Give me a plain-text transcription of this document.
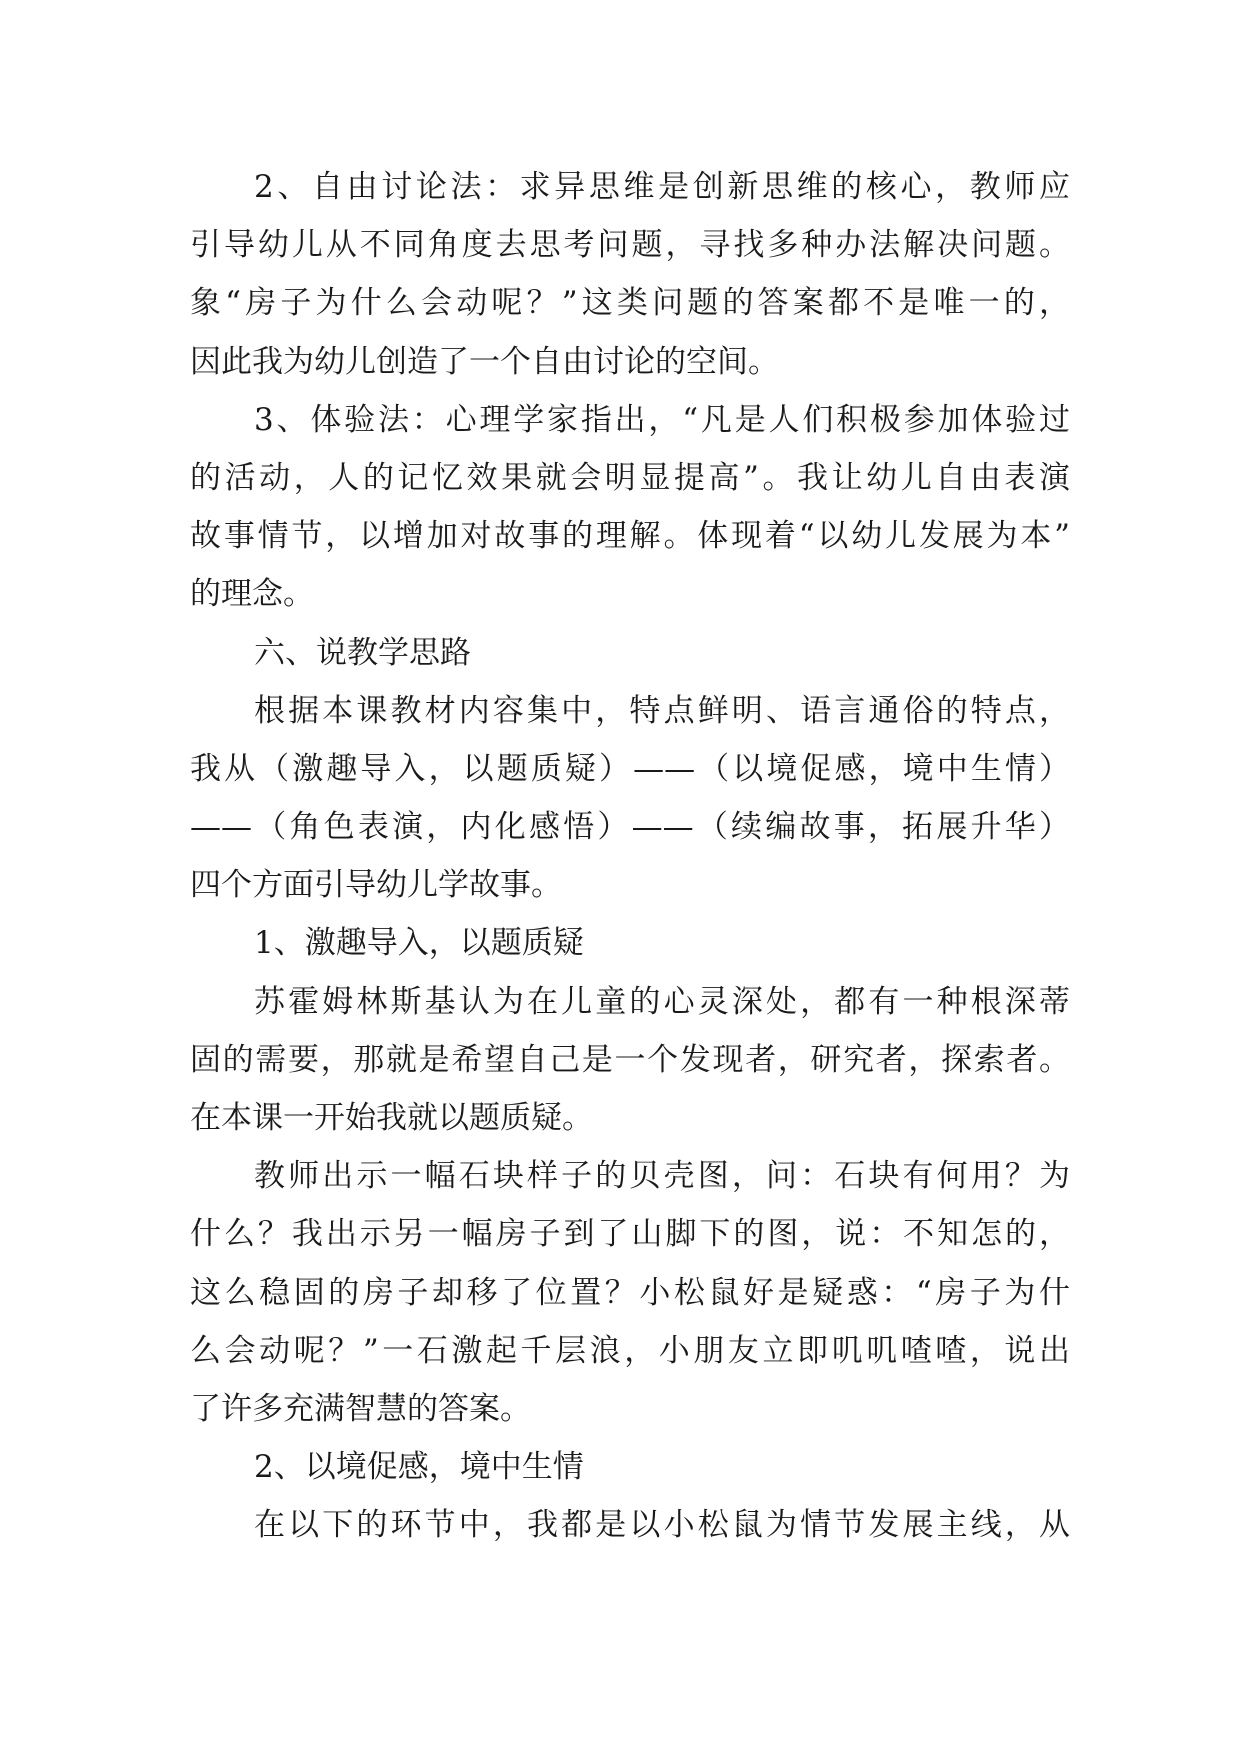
2、自由讨论法：求异思维是创新思维的核心，教师应
引导幼儿从不同角度去思考问题，寻找多种办法解决问题。
象“房子为什么会动呢？”这类问题的答案都不是唯一的，
因此我为幼儿创造了一个自由讨论的空间。
3、体验法：心理学家指出，“凡是人们积极参加体验过
的活动，人的记忆效果就会明显提高”。我让幼儿自由表演
故事情节，以增加对故事的理解。体现着“以幼儿发展为本”
的理念。
六、说教学思路
根据本课教材内容集中，特点鲜明、语言通俗的特点，
我从（激趣导入，以题质疑）——（以境促感，境中生情）
——（角色表演，内化感悟）——（续编故事，拓展升华）
四个方面引导幼儿学故事。
1、激趣导入，以题质疑
苏霍姆林斯基认为在儿童的心灵深处，都有一种根深蒂
固的需要，那就是希望自己是一个发现者，研究者，探索者。
在本课一开始我就以题质疑。
教师出示一幅石块样子的贝壳图，问：石块有何用？为
什么？我出示另一幅房子到了山脚下的图，说：不知怎的，
这么稳固的房子却移了位置？小松鼠好是疑惑：“房子为什
么会动呢？”一石激起千层浪，小朋友立即叽叽喳喳，说出
了许多充满智慧的答案。
2、以境促感，境中生情
在以下的环节中，我都是以小松鼠为情节发展主线，从
